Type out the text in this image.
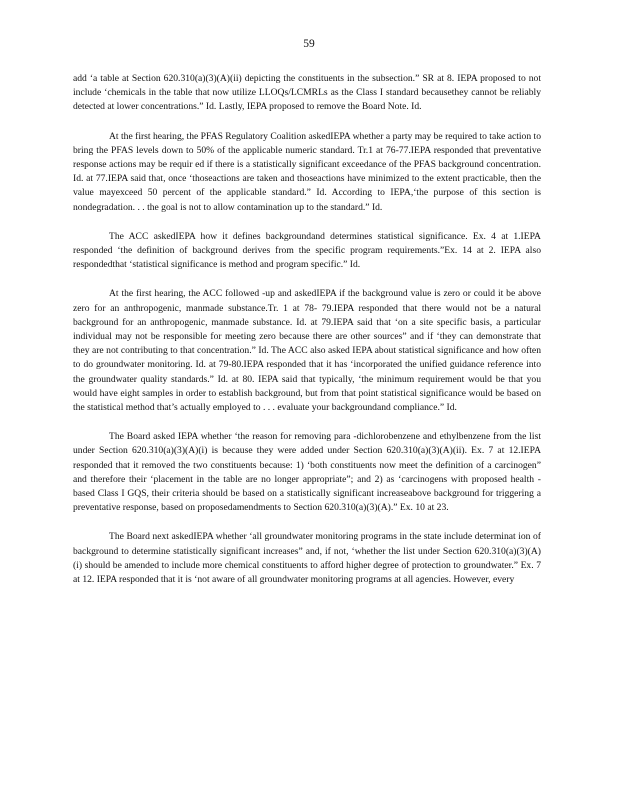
59

add ‘a table at Section 620.310(a)(3)(A)(ii) depicting the constituents in the subsection.” SR at 8. IEPA proposed to not include ‘chemicals in the table that now utilize LLOQs/LCMRLs as the Class I standard becausethey cannot be reliably detected at lower concentrations.” Id. Lastly, IEPA proposed to remove the Board Note. Id.

At the first hearing, the PFAS Regulatory Coalition askedIEPA whether a party may be required to take action to bring the PFAS levels down to 50% of the applicable numeric standard. Tr.1 at 76-77.IEPA responded that preventative response actions may be requir ed if there is a statistically significant exceedance of the PFAS background concentration. Id. at 77.IEPA said that, once ‘thoseactions are taken and thoseactions have minimized to the extent practicable, then the value mayexceed 50 percent of the applicable standard.” Id. According to IEPA,‘the purpose of this section is nondegradation. . . the goal is not to allow contamination up to the standard.” Id.

The ACC askedIEPA how it defines backgroundand determines statistical significance. Ex. 4 at 1.IEPA responded ‘the definition of background derives from the specific program requirements.”Ex. 14 at 2. IEPA also respondedthat ‘statistical significance is method and program specific.” Id.

At the first hearing, the ACC followed -up and askedIEPA if the background value is zero or could it be above zero for an anthropogenic, manmade substance.Tr. 1 at 78- 79.IEPA responded that there would not be a natural background for an anthropogenic, manmade substance. Id. at 79.IEPA said that ‘on a site specific basis, a particular individual may not be responsible for meeting zero because there are other sources” and if ‘they can demonstrate that they are not contributing to that concentration.” Id. The ACC also asked IEPA about statistical significance and how often to do groundwater monitoring. Id. at 79-80.IEPA responded that it has ‘incorporated the unified guidance reference into the groundwater quality standards.” Id. at 80. IEPA said that typically, ‘the minimum requirement would be that you would have eight samples in order to establish background, but from that point statistical significance would be based on the statistical method that’s actually employed to . . . evaluate your backgroundand compliance.” Id.

The Board asked IEPA whether ‘the reason for removing para -dichlorobenzene and ethylbenzene from the list under Section 620.310(a)(3)(A)(i) is because they were added under Section 620.310(a)(3)(A)(ii). Ex. 7 at 12.IEPA responded that it removed the two constituents because: 1) ‘both constituents now meet the definition of a carcinogen” and therefore their ‘placement in the table are no longer appropriate”; and 2) as ‘carcinogens with proposed health - based Class I GQS, their criteria should be based on a statistically significant increaseabove background for triggering a preventative response, based on proposedamendments to Section 620.310(a)(3)(A).” Ex. 10 at 23.

The Board next askedIEPA whether ‘all groundwater monitoring programs in the state include determinat ion of background to determine statistically significant increases” and, if not, ‘whether the list under Section 620.310(a)(3)(A)(i) should be amended to include more chemical constituents to afford higher degree of protection to groundwater.” Ex. 7 at 12. IEPA responded that it is ‘not aware of all groundwater monitoring programs at all agencies. However, every
